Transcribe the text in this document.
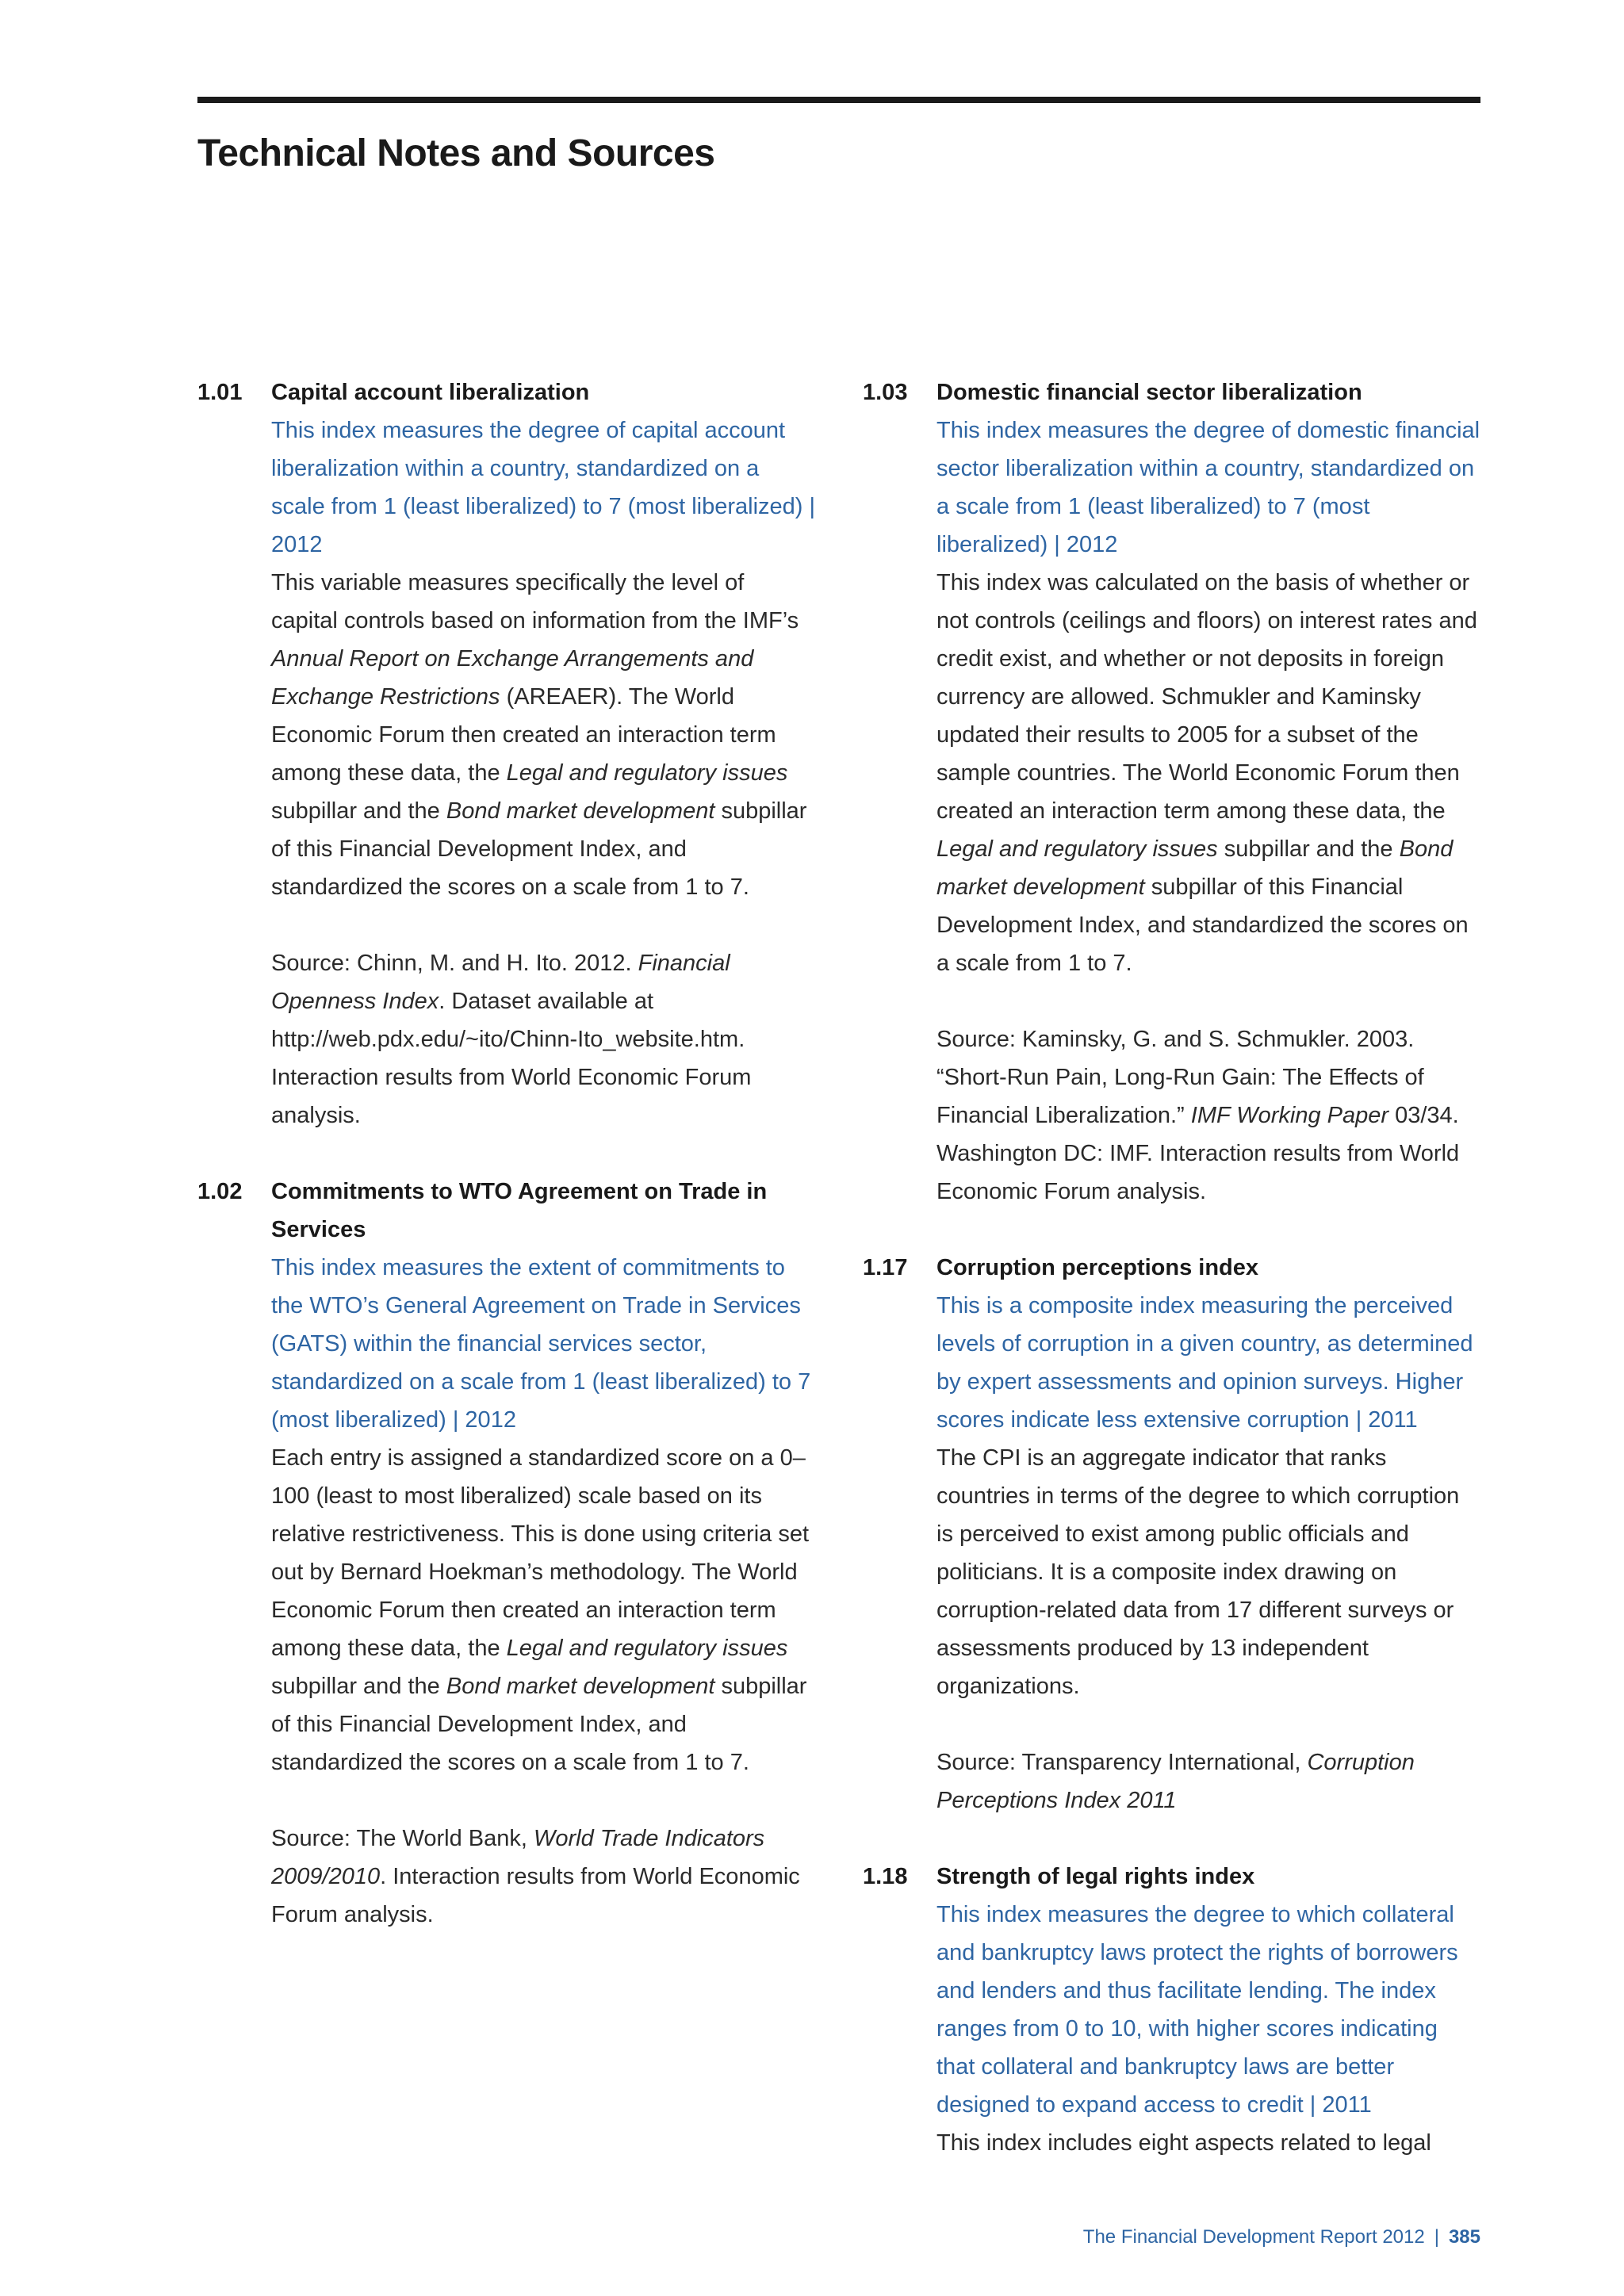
Technical Notes and Sources
1.01 Capital account liberalization
This index measures the degree of capital account liberalization within a country, standardized on a scale from 1 (least liberalized) to 7 (most liberalized) | 2012
This variable measures specifically the level of capital controls based on information from the IMF’s Annual Report on Exchange Arrangements and Exchange Restrictions (AREAER). The World Economic Forum then created an interaction term among these data, the Legal and regulatory issues subpillar and the Bond market development subpillar of this Financial Development Index, and standardized the scores on a scale from 1 to 7.
Source: Chinn, M. and H. Ito. 2012. Financial Openness Index. Dataset available at http://web.pdx.edu/~ito/Chinn-Ito_website.htm. Interaction results from World Economic Forum analysis.
1.02 Commitments to WTO Agreement on Trade in Services
This index measures the extent of commitments to the WTO’s General Agreement on Trade in Services (GATS) within the financial services sector, standardized on a scale from 1 (least liberalized) to 7 (most liberalized) | 2012
Each entry is assigned a standardized score on a 0–100 (least to most liberalized) scale based on its relative restrictiveness. This is done using criteria set out by Bernard Hoekman’s methodology. The World Economic Forum then created an interaction term among these data, the Legal and regulatory issues subpillar and the Bond market development subpillar of this Financial Development Index, and standardized the scores on a scale from 1 to 7.
Source: The World Bank, World Trade Indicators 2009/2010. Interaction results from World Economic Forum analysis.
1.03 Domestic financial sector liberalization
This index measures the degree of domestic financial sector liberalization within a country, standardized on a scale from 1 (least liberalized) to 7 (most liberalized) | 2012
This index was calculated on the basis of whether or not controls (ceilings and floors) on interest rates and credit exist, and whether or not deposits in foreign currency are allowed. Schmukler and Kaminsky updated their results to 2005 for a subset of the sample countries. The World Economic Forum then created an interaction term among these data, the Legal and regulatory issues subpillar and the Bond market development subpillar of this Financial Development Index, and standardized the scores on a scale from 1 to 7.
Source: Kaminsky, G. and S. Schmukler. 2003. “Short-Run Pain, Long-Run Gain: The Effects of Financial Liberalization.” IMF Working Paper 03/34. Washington DC: IMF. Interaction results from World Economic Forum analysis.
1.17 Corruption perceptions index
This is a composite index measuring the perceived levels of corruption in a given country, as determined by expert assessments and opinion surveys. Higher scores indicate less extensive corruption | 2011
The CPI is an aggregate indicator that ranks countries in terms of the degree to which corruption is perceived to exist among public officials and politicians. It is a composite index drawing on corruption-related data from 17 different surveys or assessments produced by 13 independent organizations.
Source: Transparency International, Corruption Perceptions Index 2011
1.18 Strength of legal rights index
This index measures the degree to which collateral and bankruptcy laws protect the rights of borrowers and lenders and thus facilitate lending. The index ranges from 0 to 10, with higher scores indicating that collateral and bankruptcy laws are better designed to expand access to credit | 2011
This index includes eight aspects related to legal
The Financial Development Report 2012 | 385
